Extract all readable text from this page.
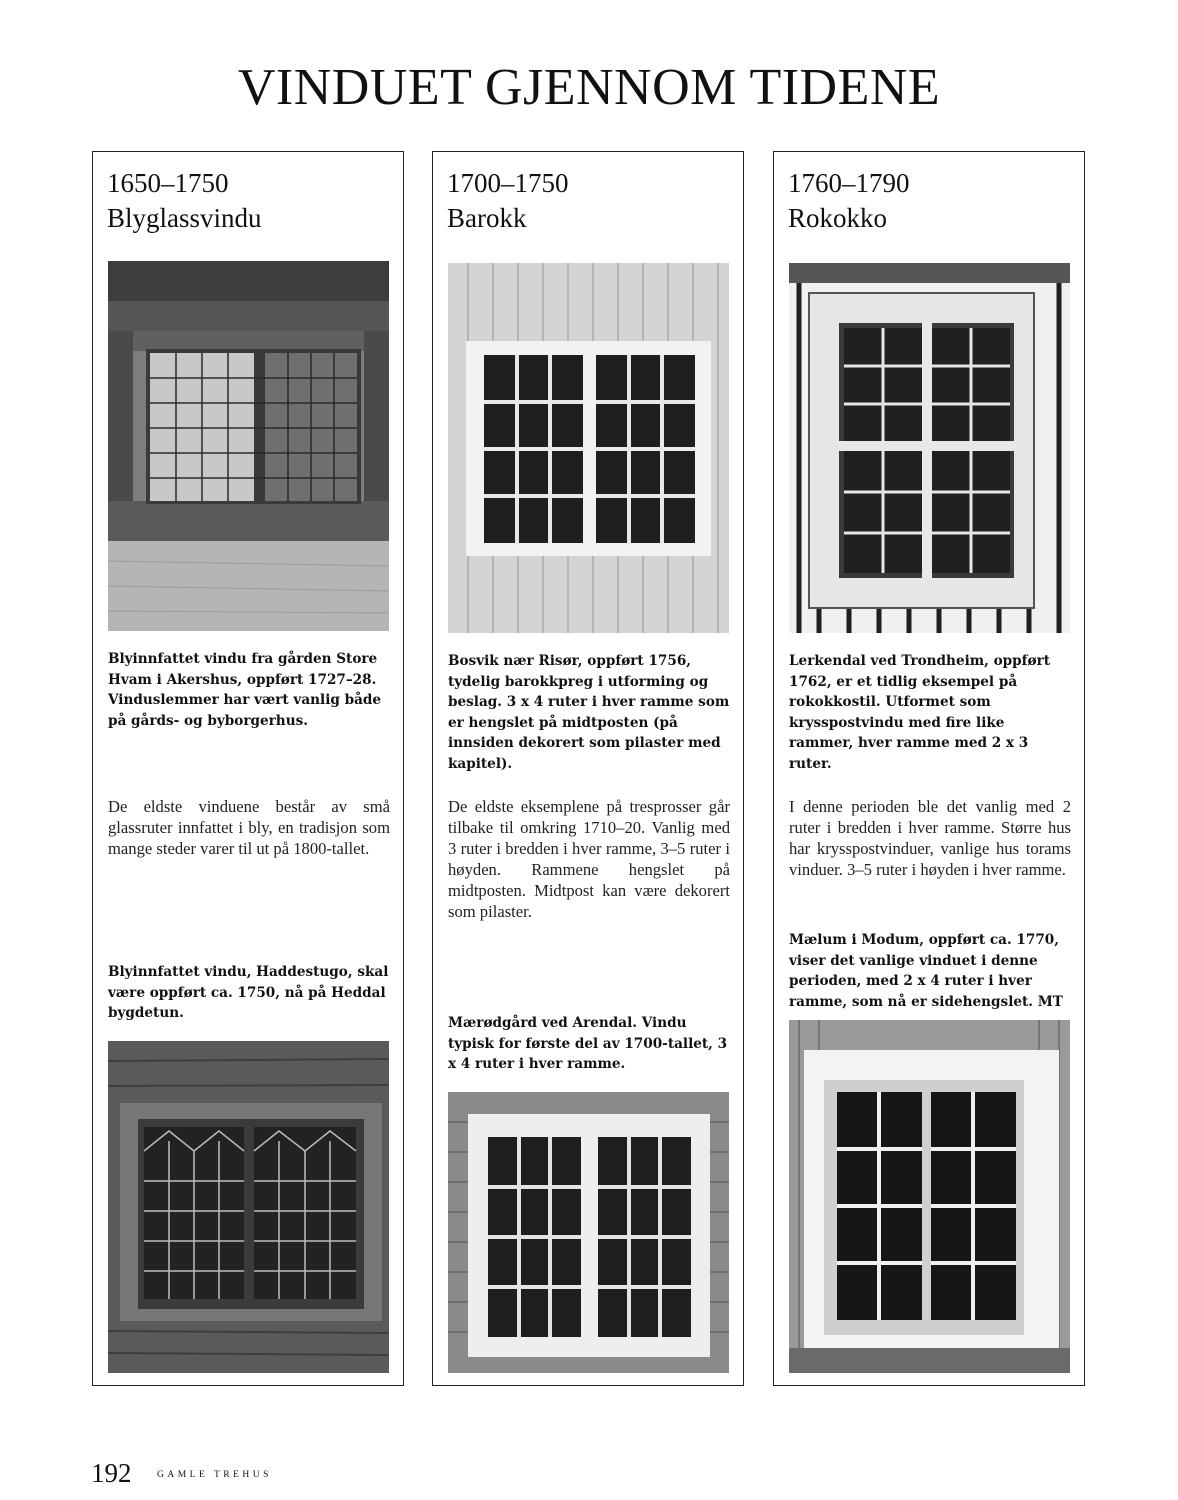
VINDUET GJENNOM TIDENE
1650–1750
Blyglassvindu

Blyinnfattet vindu fra gården Store Hvam i Akershus, oppført 1727–28. Vinduslemmer har vært vanlig både på gårds- og byborgerhus.

De eldste vinduene består av små glassruter innfattet i bly, en tradisjon som mange steder varer til ut på 1800-tallet.

Blyinnfattet vindu, Haddestugo, skal være oppført ca. 1750, nå på Heddal bygdetun.

1700–1750
Barokk

Bosvik nær Risør, oppført 1756, tydelig barokkpreg i utforming og beslag. 3 x 4 ruter i hver ramme som er hengslet på midtposten (på innsiden dekorert som pilaster med kapitel).

De eldste eksemplene på tresprosser går tilbake til omkring 1710–20. Vanlig med 3 ruter i bredden i hver ramme, 3–5 ruter i høyden. Rammene hengslet på midtposten. Midtpost kan være dekorert som pilaster.

Mærødgård ved Arendal. Vindu typisk for første del av 1700-tallet, 3 x 4 ruter i hver ramme.

1760–1790
Rokokko

Lerkendal ved Trondheim, oppført 1762, er et tidlig eksempel på rokokkostil. Utformet som krysspostvindu med fire like rammer, hver ramme med 2 x 3 ruter.

I denne perioden ble det vanlig med 2 ruter i bredden i hver ramme. Større hus har krysspostvinduer, vanlige hus torams vinduer. 3–5 ruter i høyden i hver ramme.

Mælum i Modum, oppført ca. 1770, viser det vanlige vinduet i denne perioden, med 2 x 4 ruter i hver ramme, som nå er sidehengslet. MT

192	GAMLE TREHUS
